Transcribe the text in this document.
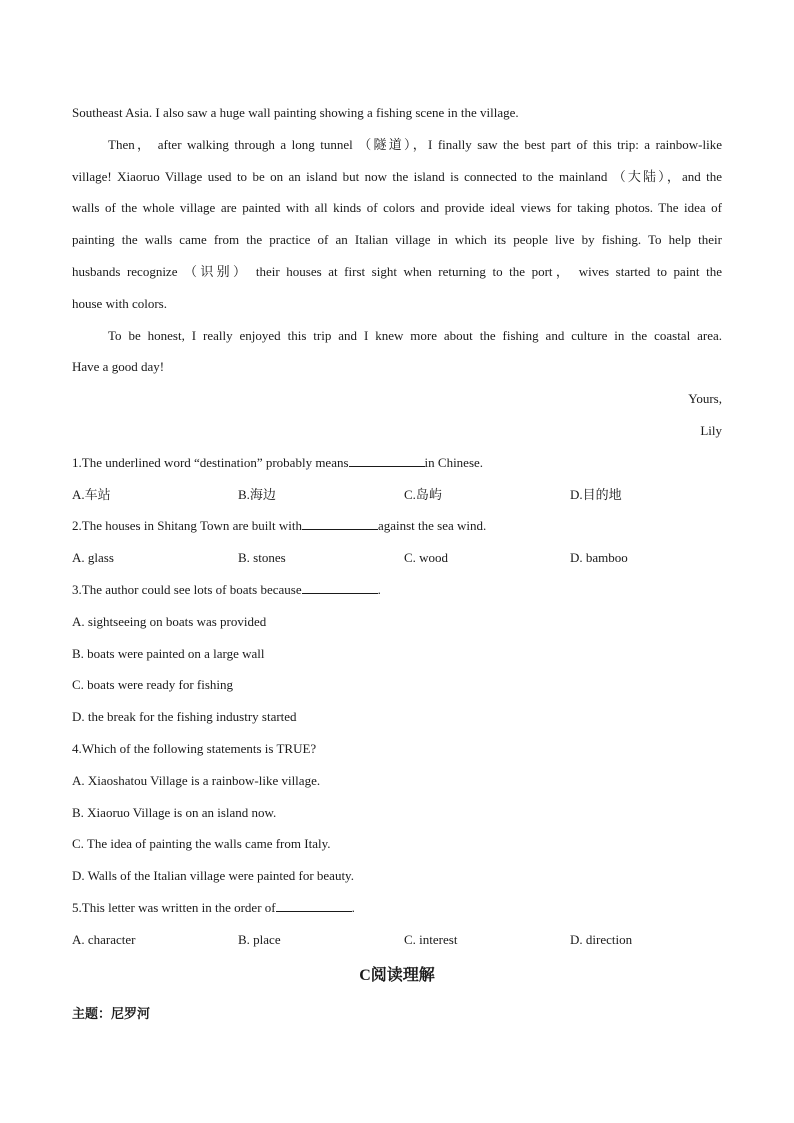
Southeast Asia. I also saw a huge wall painting showing a fishing scene in the village.
Then， after walking through a long tunnel （隧道），I finally saw the best part of this trip: a rainbow-like
village! Xiaoruo Village used to be on an island but now the island is connected to the mainland （大陆），and the
walls of the whole village are painted with all kinds of colors and provide ideal views for taking photos. The idea of
painting the walls came from the practice of an Italian village in which its people live by fishing. To help their
husbands recognize （识别） their houses at first sight when returning to the port， wives started to paint the
house with colors.
To be honest, I really enjoyed this trip and I knew more about the fishing and culture in the coastal area.
Have a good day!
Yours,
Lily
1.The underlined word “destination” probably means	in Chinese.
A.车站	B.海边	C.岛屿	D.目的地
2.The houses in Shitang Town are built with	against the sea wind.
A. glass	B. stones	C. wood	D. bamboo
3.The author could see lots of boats because	.
A. sightseeing on boats was provided
B. boats were painted on a large wall
C. boats were ready for fishing
D. the break for the fishing industry started
4.Which of the following statements is TRUE?
A. Xiaoshatou Village is a rainbow-like village.
B. Xiaoruo Village is on an island now.
C. The idea of painting the walls came from Italy.
D. Walls of the Italian village were painted for beauty.
5.This letter was written in the order of	.
A. character	B. place	C. interest	D. direction
C阅读理解
主题：尼罗河
